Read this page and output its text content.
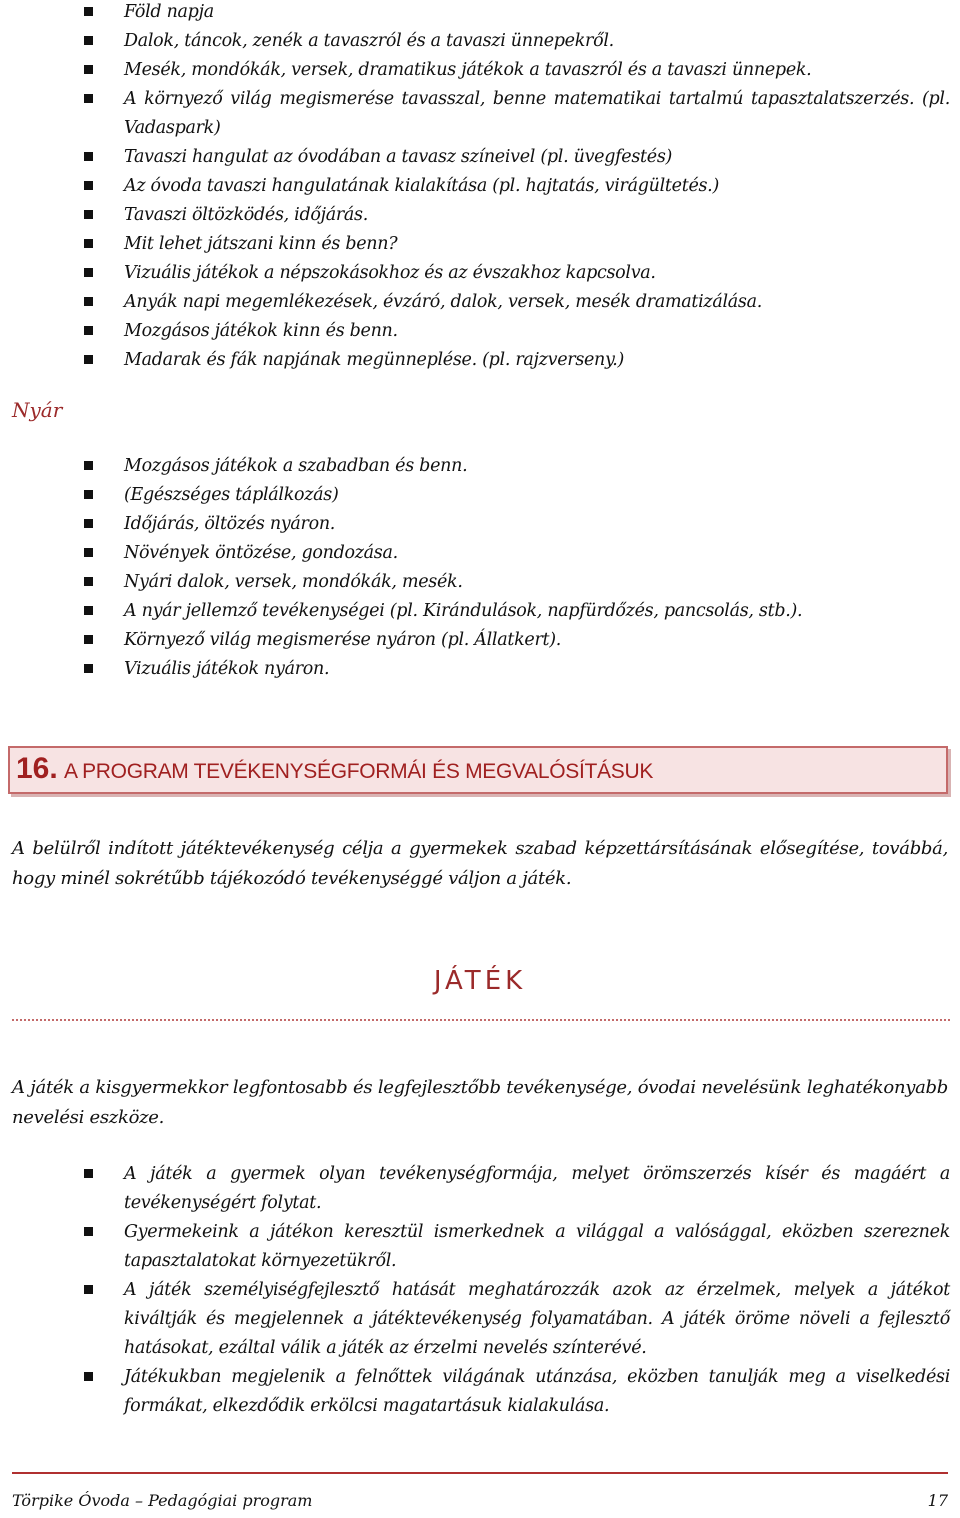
Föld napja
Dalok, táncok, zenék a tavaszról és a tavaszi ünnepekről.
Mesék, mondókák, versek, dramatikus játékok a tavaszról és a tavaszi ünnepek.
A környező világ megismerése tavasszal, benne matematikai tartalmú tapasztalatszerzés. (pl. Vadaspark)
Tavaszi hangulat az óvodában a tavasz színeivel (pl. üvegfestés)
Az óvoda tavaszi hangulatának kialakítása (pl. hajtatás, virágültetés.)
Tavaszi öltözködés, időjárás.
Mit lehet játszani kinn és benn?
Vizuális játékok a népszokásokhoz és az évszakhoz kapcsolva.
Anyák napi megemlékezések, évzáró, dalok, versek, mesék dramatizálása.
Mozgásos játékok kinn és benn.
Madarak és fák napjának megünneplése. (pl. rajzverseny.)
Nyár
Mozgásos játékok a szabadban és benn.
(Egészséges táplálkozás)
Időjárás, öltözés nyáron.
Növények öntözése, gondozása.
Nyári dalok, versek, mondókák, mesék.
A nyár jellemző tevékenységei (pl. Kirándulások, napfürdőzés, pancsolás, stb.).
Környező világ megismerése nyáron (pl. Állatkert).
Vizuális játékok nyáron.
16. A PROGRAM TEVÉKENYSÉGFORMÁI ÉS MEGVALÓSÍTÁSUK
A belülről indított játéktevékenység célja a gyermekek szabad képzettársításának elősegítése, továbbá, hogy minél sokrétűbb tájékozódó tevékenységgé váljon a játék.
JÁTÉK
A játék a kisgyermekkor legfontosabb és legfejlesztőbb tevékenysége, óvodai nevelésünk leghatékonyabb nevelési eszköze.
A játék a gyermek olyan tevékenységformája, melyet örömszerzés kísér és magáért a tevékenységért folytat.
Gyermekeink a játékon keresztül ismerkednek a világgal a valósággal, eközben szereznek tapasztalatokat környezetükről.
A játék személyiségfejlesztő hatását meghatározzák azok az érzelmek, melyek a játékot kiváltják és megjelennek a játéktevékenység folyamatában. A játék öröme növeli a fejlesztő hatásokat, ezáltal válik a játék az érzelmi nevelés színterévé.
Játékukban megjelenik a felnőttek világának utánzása, eközben tanulják meg a viselkedési formákat, elkezdődik erkölcsi magatartásuk kialakulása.
Törpike Óvoda – Pedagógiai program	17
